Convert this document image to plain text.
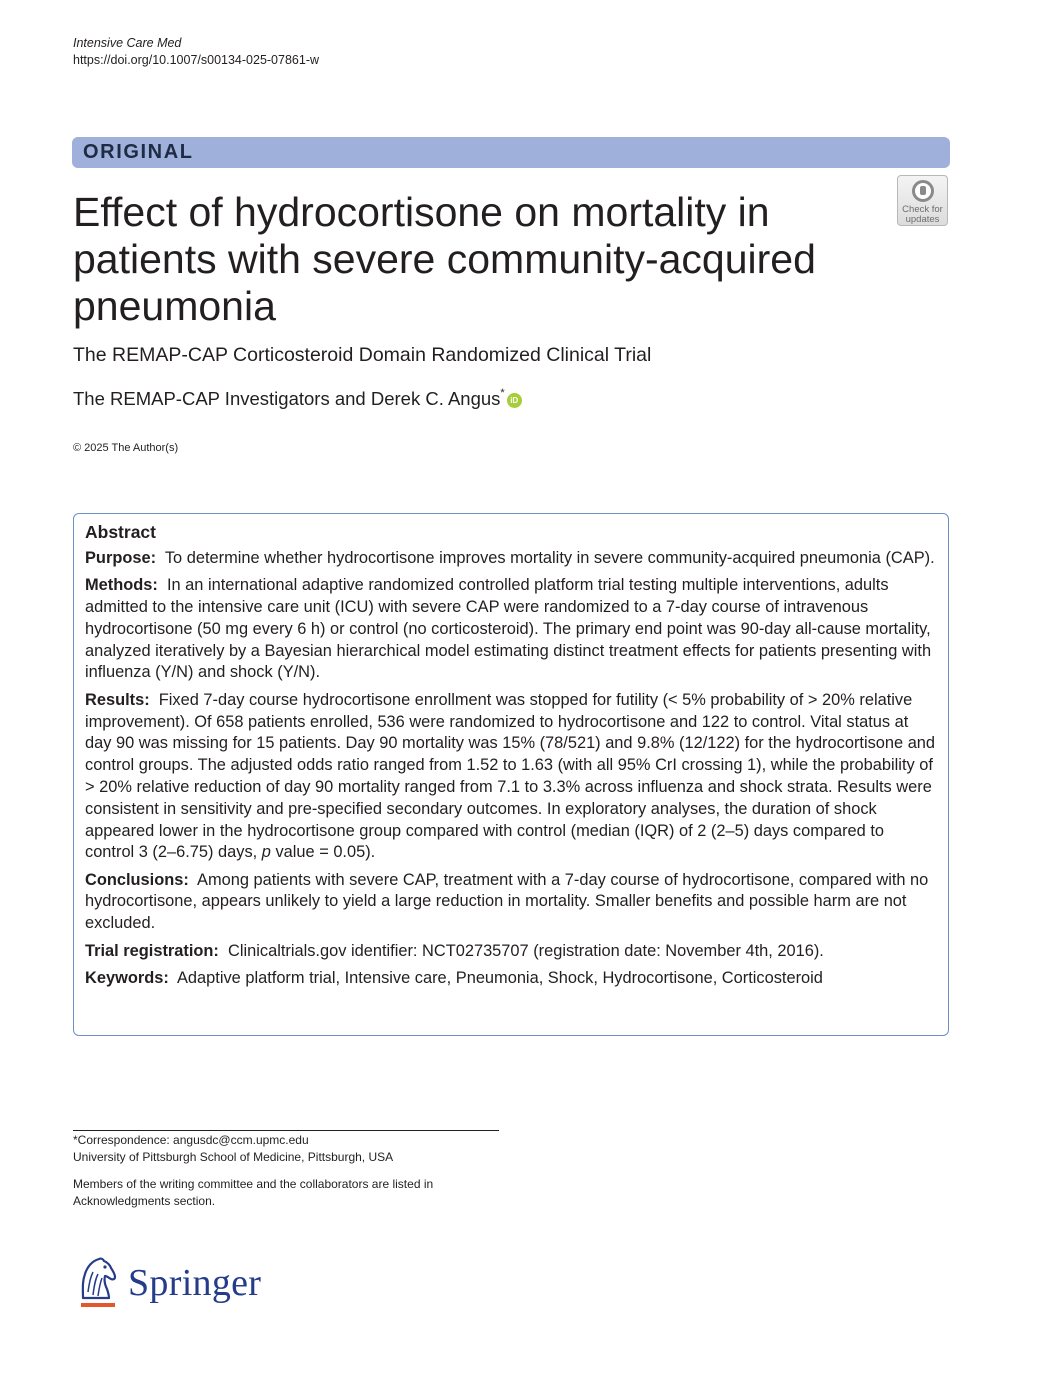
Intensive Care Med
https://doi.org/10.1007/s00134-025-07861-w
ORIGINAL
Check for
updates
Effect of hydrocortisone on mortality in patients with severe community-acquired pneumonia
The REMAP-CAP Corticosteroid Domain Randomized Clinical Trial
The REMAP-CAP Investigators and Derek C. Angus*iD
© 2025 The Author(s)
Abstract

Purpose: To determine whether hydrocortisone improves mortality in severe community-acquired pneumonia (CAP).

Methods: In an international adaptive randomized controlled platform trial testing multiple interventions, adults admitted to the intensive care unit (ICU) with severe CAP were randomized to a 7-day course of intravenous hydrocortisone (50 mg every 6 h) or control (no corticosteroid). The primary end point was 90-day all-cause mortality, analyzed iteratively by a Bayesian hierarchical model estimating distinct treatment effects for patients presenting with influenza (Y/N) and shock (Y/N).

Results: Fixed 7-day course hydrocortisone enrollment was stopped for futility (< 5% probability of > 20% relative improvement). Of 658 patients enrolled, 536 were randomized to hydrocortisone and 122 to control. Vital status at day 90 was missing for 15 patients. Day 90 mortality was 15% (78/521) and 9.8% (12/122) for the hydrocortisone and control groups. The adjusted odds ratio ranged from 1.52 to 1.63 (with all 95% CrI crossing 1), while the probability of > 20% relative reduction of day 90 mortality ranged from 7.1 to 3.3% across influenza and shock strata. Results were consistent in sensitivity and pre-specified secondary outcomes. In exploratory analyses, the duration of shock appeared lower in the hydrocortisone group compared with control (median (IQR) of 2 (2–5) days compared to control 3 (2–6.75) days, p value = 0.05).

Conclusions: Among patients with severe CAP, treatment with a 7-day course of hydrocortisone, compared with no hydrocortisone, appears unlikely to yield a large reduction in mortality. Smaller benefits and possible harm are not excluded.

Trial registration: Clinicaltrials.gov identifier: NCT02735707 (registration date: November 4th, 2016).

Keywords: Adaptive platform trial, Intensive care, Pneumonia, Shock, Hydrocortisone, Corticosteroid

*Correspondence: angusdc@ccm.upmc.edu
University of Pittsburgh School of Medicine, Pittsburgh, USA
Members of the writing committee and the collaborators are listed in
Acknowledgments section.
Springer
